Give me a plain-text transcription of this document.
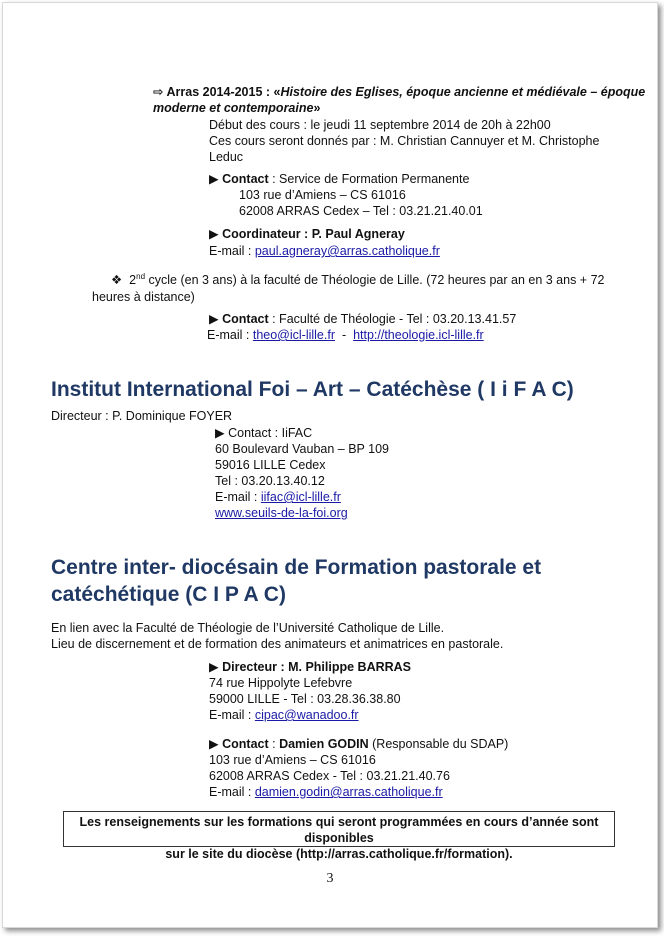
⇨ Arras 2014-2015 : «Histoire des Eglises, époque ancienne et médiévale – époque
moderne et contemporaine»
Début des cours : le jeudi 11 septembre 2014 de 20h à 22h00
Ces cours seront donnés par : M. Christian Cannuyer et M. Christophe
Leduc
▶ Contact : Service de Formation Permanente
103 rue d’Amiens – CS 61016
62008 ARRAS Cedex – Tel : 03.21.21.40.01
▶ Coordinateur : P. Paul Agneray
E-mail : paul.agneray@arras.catholique.fr
❖ 2nd cycle (en 3 ans) à la faculté de Théologie de Lille. (72 heures par an en 3 ans + 72
heures à distance)
▶ Contact : Faculté de Théologie - Tel : 03.20.13.41.57
E-mail : theo@icl-lille.fr  -  http://theologie.icl-lille.fr
Institut International Foi – Art – Catéchèse ( I i F A C)
Directeur : P. Dominique FOYER
▶ Contact : IiFAC
60 Boulevard Vauban – BP 109
59016 LILLE Cedex
Tel : 03.20.13.40.12
E-mail : iifac@icl-lille.fr
www.seuils-de-la-foi.org
Centre inter- diocésain de Formation pastorale et
catéchétique (C I P A C)
En lien avec la Faculté de Théologie de l’Université Catholique de Lille.
Lieu de discernement et de formation des animateurs et animatrices en pastorale.
▶ Directeur : M. Philippe BARRAS
74 rue Hippolyte Lefebvre
59000 LILLE - Tel : 03.28.36.38.80
E-mail : cipac@wanadoo.fr
▶ Contact : Damien GODIN (Responsable du SDAP)
103 rue d’Amiens – CS 61016
62008 ARRAS Cedex - Tel : 03.21.21.40.76
E-mail : damien.godin@arras.catholique.fr
Les renseignements sur les formations qui seront programmées en cours d’année sont disponibles
sur le site du diocèse (http://arras.catholique.fr/formation).
3
